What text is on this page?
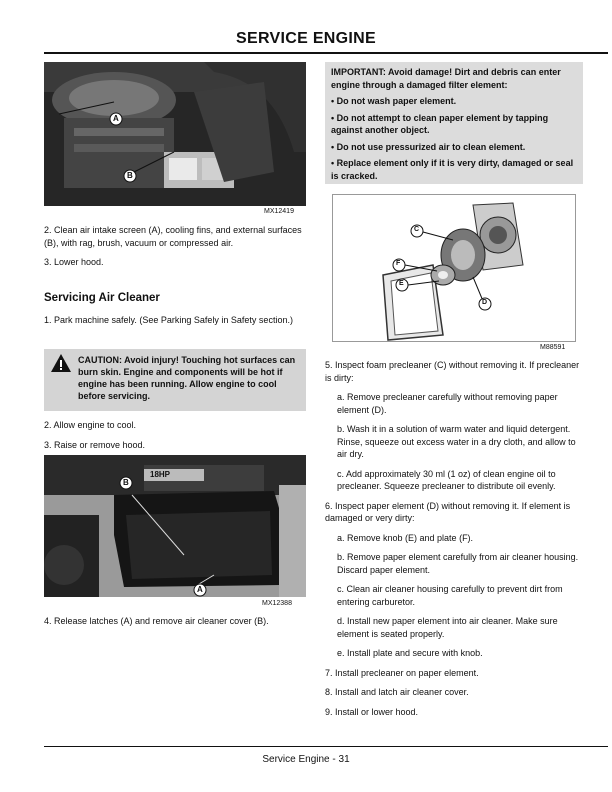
SERVICE ENGINE
A
B
MX12419

2. Clean air intake screen (A), cooling fins, and external surfaces (B), with rag, brush, vacuum or compressed air.

3. Lower hood.

Servicing Air Cleaner

1. Park machine safely. (See Parking Safely in Safety section.)

CAUTION: Avoid injury! Touching hot surfaces can burn skin. Engine and components will be hot if engine has been running. Allow engine to cool before servicing.

2. Allow engine to cool.

3. Raise or remove hood.

18HP
B
A
MX12388

4. Release latches (A) and remove air cleaner cover (B).

IMPORTANT: Avoid damage! Dirt and debris can enter engine through a damaged filter element:

• Do not wash paper element.

• Do not attempt to clean paper element by tapping against another object.

• Do not use pressurized air to clean element.

• Replace element only if it is very dirty, damaged or seal is cracked.

C
F
E
D
M88591

5. Inspect foam precleaner (C) without removing it. If precleaner is dirty:

a. Remove precleaner carefully without removing paper element (D).

b. Wash it in a solution of warm water and liquid detergent. Rinse, squeeze out excess water in a dry cloth, and allow to air dry.

c. Add approximately 30 ml (1 oz) of clean engine oil to precleaner. Squeeze precleaner to distribute oil evenly.

6. Inspect paper element (D) without removing it. If element is damaged or very dirty:

a. Remove knob (E) and plate (F).

b. Remove paper element carefully from air cleaner housing. Discard paper element.

c. Clean air cleaner housing carefully to prevent dirt from entering carburetor.

d. Install new paper element into air cleaner. Make sure element is seated properly.

e. Install plate and secure with knob.

7. Install precleaner on paper element.

8. Install and latch air cleaner cover.

9. Install or lower hood.

Service Engine - 31
